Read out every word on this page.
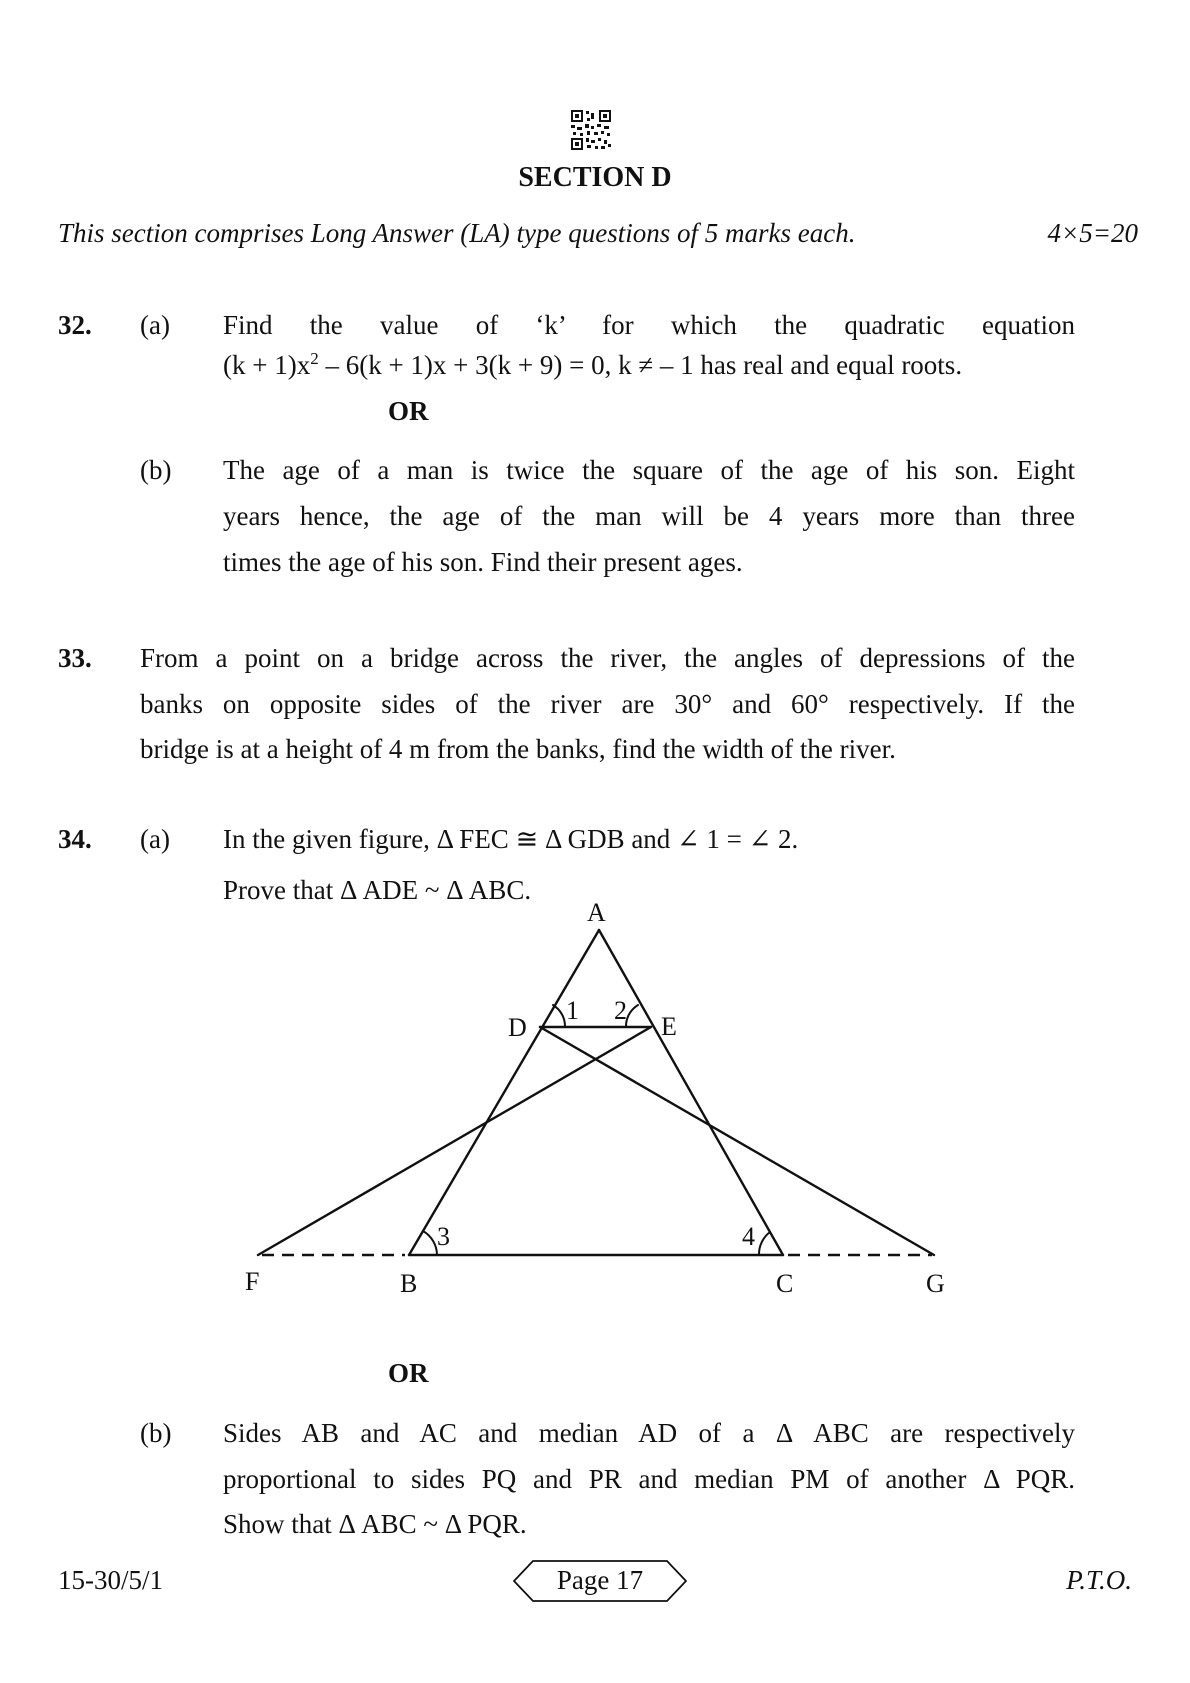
SECTION D
This section comprises Long Answer (LA) type questions of 5 marks each.	4×5=20
32. (a) Find the value of ‘k’ for which the quadratic equation
$(k + 1)x^2 - 6(k + 1)x + 3(k + 9) = 0$, k ≠ – 1 has real and equal roots.
OR
(b) The age of a man is twice the square of the age of his son. Eight
years hence, the age of the man will be 4 years more than three
times the age of his son. Find their present ages.
33. From a point on a bridge across the river, the angles of depressions of the
banks on opposite sides of the river are 30° and 60° respectively. If the
bridge is at a height of 4 m from the banks, find the width of the river.
34. (a) In the given figure, Δ FEC ≅ Δ GDB and ∠ 1 = ∠ 2.
Prove that Δ ADE ~ Δ ABC.
A
D	E
F	B	C	G
1 2
3	4
OR
(b) Sides AB and AC and median AD of a Δ ABC are respectively
proportional to sides PQ and PR and median PM of another Δ PQR.
Show that Δ ABC ~ Δ PQR.
15-30/5/1	Page 17	P.T.O.
